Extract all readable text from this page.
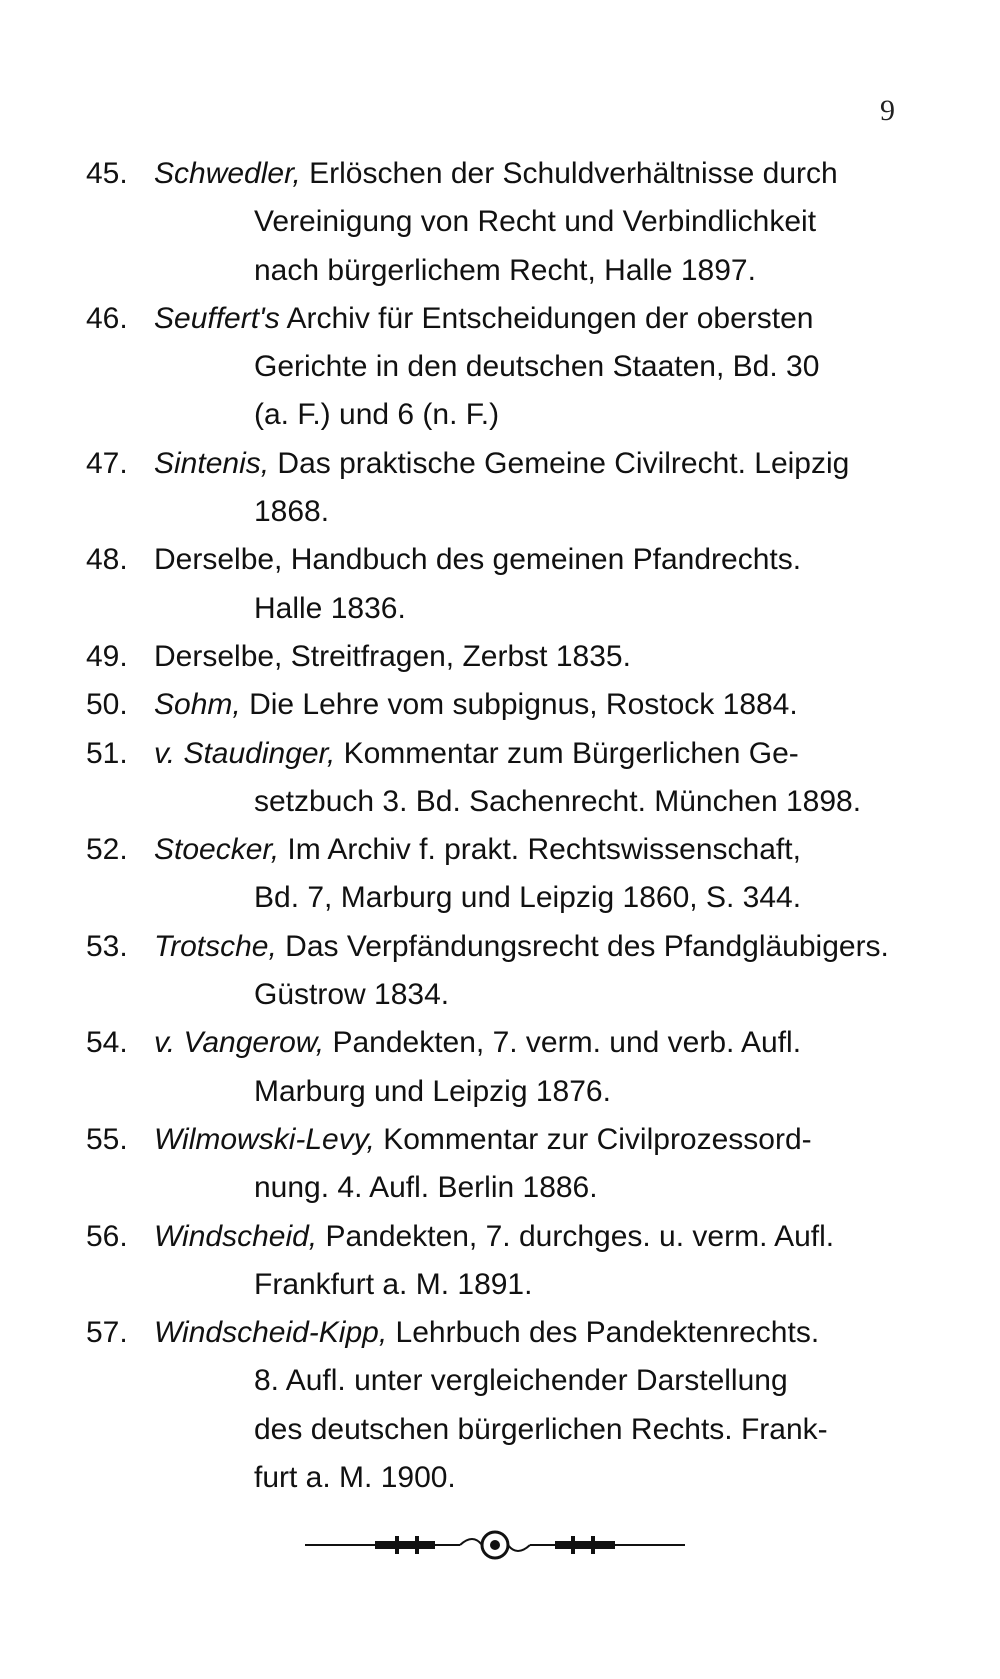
9
45. Schwedler, Erlöschen der Schuldverhältnisse durch
Vereinigung von Recht und Verbindlichkeit
nach bürgerlichem Recht, Halle 1897.
46. Seuffert's Archiv für Entscheidungen der obersten
Gerichte in den deutschen Staaten, Bd. 30
(a. F.) und 6 (n. F.)
47. Sintenis, Das praktische Gemeine Civilrecht. Leipzig
1868.
48. Derselbe, Handbuch des gemeinen Pfandrechts.
Halle 1836.
49. Derselbe, Streitfragen, Zerbst 1835.
50. Sohm, Die Lehre vom subpignus, Rostock 1884.
51. v. Staudinger, Kommentar zum Bürgerlichen Ge-
setzbuch 3. Bd. Sachenrecht. München 1898.
52. Stoecker, Im Archiv f. prakt. Rechtswissenschaft,
Bd. 7, Marburg und Leipzig 1860, S. 344.
53. Trotsche, Das Verpfändungsrecht des Pfandgläubigers.
Güstrow 1834.
54. v. Vangerow, Pandekten, 7. verm. und verb. Aufl.
Marburg und Leipzig 1876.
55. Wilmowski-Levy, Kommentar zur Civilprozessord-
nung. 4. Aufl. Berlin 1886.
56. Windscheid, Pandekten, 7. durchges. u. verm. Aufl.
Frankfurt a. M. 1891.
57. Windscheid-Kipp, Lehrbuch des Pandektenrechts.
8. Aufl. unter vergleichender Darstellung
des deutschen bürgerlichen Rechts. Frank-
furt a. M. 1900.
